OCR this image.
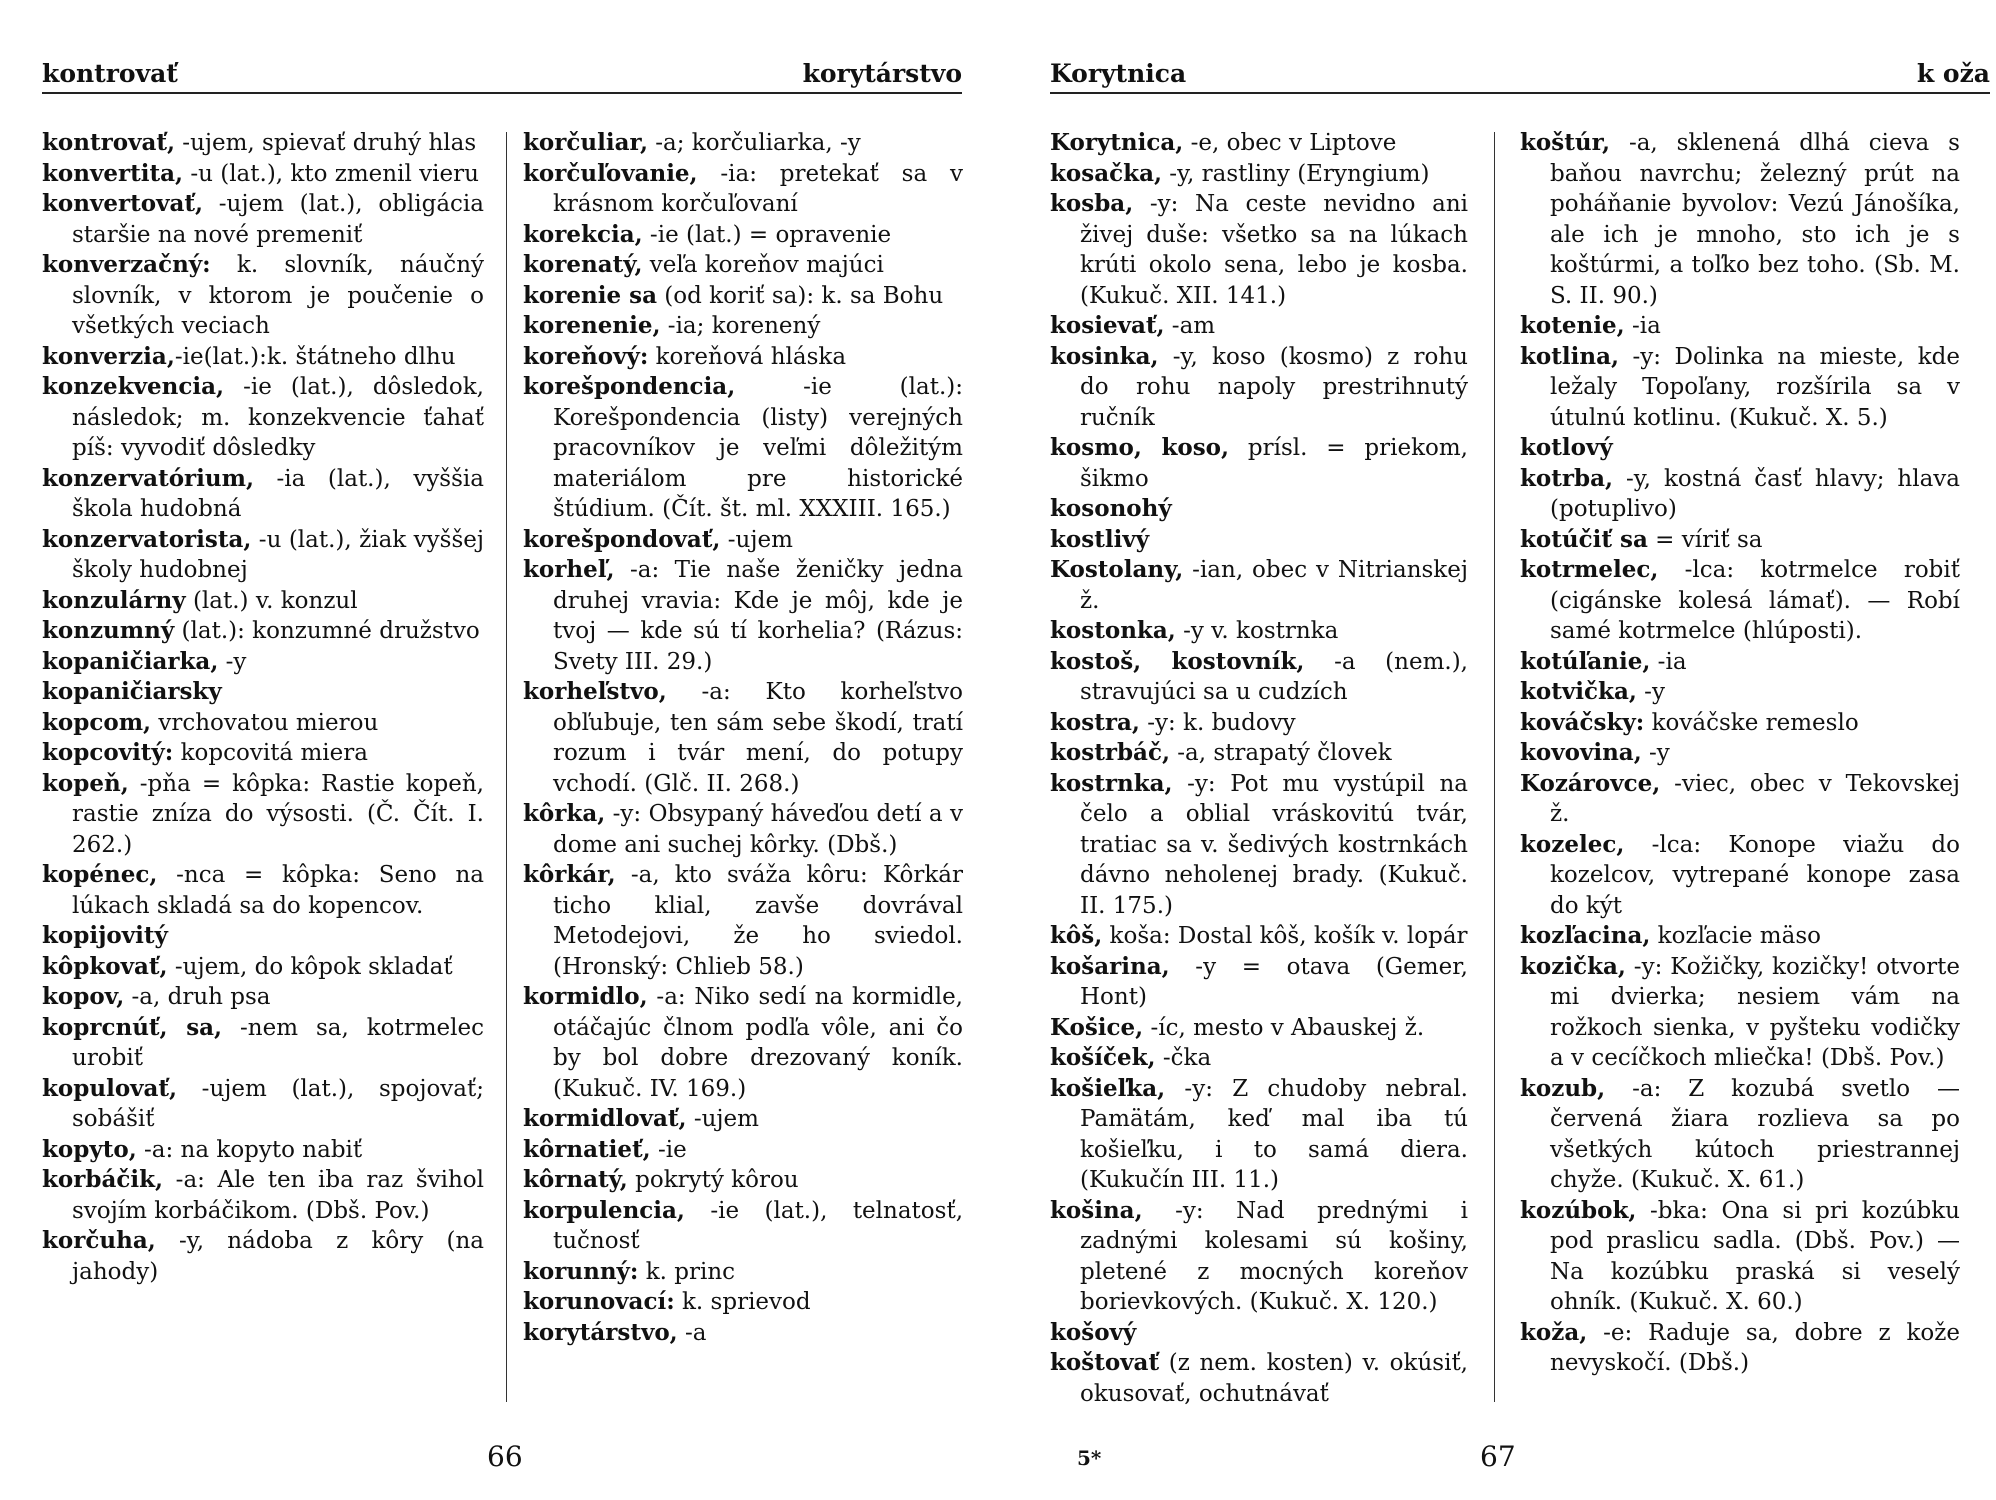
kontrovať	korytárstvo

kontrovať, -ujem, spievať druhý hlas

konvertita, -u (lat.), kto zmenil vieru

konvertovať, -ujem (lat.), obligácia staršie na nové premeniť

konverzačný: k. slovník, náučný slovník, v ktorom je poučenie o všetkých veciach

konverzia,-ie(lat.):k. štátneho dlhu

konzekvencia, -ie (lat.), dôsledok, následok; m. konzekvencie ťahať píš: vyvodiť dôsledky

konzervatórium, -ia (lat.), vyššia škola hudobná

konzervatorista, -u (lat.), žiak vyššej školy hudobnej

konzulárny (lat.) v. konzul

konzumný (lat.): konzumné družstvo

kopaničiarka, -y

kopaničiarsky

kopcom, vrchovatou mierou

kopcovitý: kopcovitá miera

kopeň, -pňa = kôpka: Rastie kopeň, rastie zníza do výsosti. (Č. Čít. I. 262.)

kopénec, -nca = kôpka: Seno na lúkach skladá sa do kopencov.

kopijovitý

kôpkovať, -ujem, do kôpok skladať

kopov, -a, druh psa

koprcnúť, sa, -nem sa, kotrmelec urobiť

kopulovať, -ujem (lat.), spojovať; sobášiť

kopyto, -a: na kopyto nabiť

korbáčik, -a: Ale ten iba raz švihol svojím korbáčikom. (Dbš. Pov.)

korčuha, -y, nádoba z kôry (na jahody)

korčuliar, -a; korčuliarka, -y

korčuľovanie, -ia: pretekať sa v krásnom korčuľovaní

korekcia, -ie (lat.) = opravenie

korenatý, veľa koreňov majúci

korenie sa (od koriť sa): k. sa Bohu

korenenie, -ia; korenený

koreňový: koreňová hláska

korešpondencia, -ie (lat.): Korešpondencia (listy) verejných pracovníkov je veľmi dôležitým materiálom pre historické štúdium. (Čít. št. ml. XXXIII. 165.)

korešpondovať, -ujem

korheľ, -a: Tie naše ženičky jedna druhej vravia: Kde je môj, kde je tvoj — kde sú tí korhelia? (Rázus: Svety III. 29.)

korheľstvo, -a: Kto korheľstvo obľubuje, ten sám sebe škodí, tratí rozum i tvár mení, do potupy vchodí. (Glč. II. 268.)

kôrka, -y: Obsypaný háveďou detí a v dome ani suchej kôrky. (Dbš.)

kôrkár, -a, kto sváža kôru: Kôrkár ticho klial, zavše dovrával Metodejovi, že ho sviedol. (Hronský: Chlieb 58.)

kormidlo, -a: Niko sedí na kormidle, otáčajúc člnom podľa vôle, ani čo by bol dobre drezovaný koník. (Kukuč. IV. 169.)

kormidlovať, -ujem

kôrnatieť, -ie

kôrnatý, pokrytý kôrou

korpulencia, -ie (lat.), telnatosť, tučnosť

korunný: k. princ

korunovací: k. sprievod

korytárstvo, -a

66
Korytnica	k oža

Korytnica, -e, obec v Liptove

kosačka, -y, rastliny (Eryngium)

kosba, -y: Na ceste nevidno ani živej duše: všetko sa na lúkach krúti okolo sena, lebo je kosba. (Kukuč. XII. 141.)

kosievať, -am

kosinka, -y, koso (kosmo) z rohu do rohu napoly prestrihnutý ručník

kosmo, koso, prísl. = priekom, šikmo

kosonohý

kostlivý

Kostolany, -ian, obec v Nitrianskej ž.

kostonka, -y v. kostrnka

kostoš, kostovník, -a (nem.), stravujúci sa u cudzích

kostra, -y: k. budovy

kostrbáč, -a, strapatý človek

kostrnka, -y: Pot mu vystúpil na čelo a oblial vráskovitú tvár, tratiac sa v. šedivých kostrnkách dávno neholenej brady. (Kukuč. II. 175.)

kôš, koša: Dostal kôš, košík v. lopár

košarina, -y = otava (Gemer, Hont)

Košice, -íc, mesto v Abauskej ž.

košíček, -čka

košieľka, -y: Z chudoby nebral. Pamätám, keď mal iba tú košieľku, i to samá diera. (Kukučín III. 11.)

košina, -y: Nad prednými i zadnými kolesami sú košiny, pletené z mocných koreňov borievkových. (Kukuč. X. 120.)

košový

koštovať (z nem. kosten) v. okúsiť, okusovať, ochutnávať

koštúr, -a, sklenená dlhá cieva s baňou navrchu; železný prút na poháňanie byvolov: Vezú Jánošíka, ale ich je mnoho, sto ich je s koštúrmi, a toľko bez toho. (Sb. M. S. II. 90.)

kotenie, -ia

kotlina, -y: Dolinka na mieste, kde ležaly Topoľany, rozšírila sa v útulnú kotlinu. (Kukuč. X. 5.)

kotlový

kotrba, -y, kostná časť hlavy; hlava (potuplivo)

kotúčiť sa = víriť sa

kotrmelec, -lca: kotrmelce robiť (cigánske kolesá lámať). — Robí samé kotrmelce (hlúposti).

kotúľanie, -ia

kotvička, -y

kováčsky: kováčske remeslo

kovovina, -y

Kozárovce, -viec, obec v Tekovskej ž.

kozelec, -lca: Konope viažu do kozelcov, vytrepané konope zasa do kýt

kozľacina, kozľacie mäso

kozička, -y: Kožičky, kozičky! otvorte mi dvierka; nesiem vám na rožkoch sienka, v pyšteku vodičky a v cecíčkoch mliečka! (Dbš. Pov.)

kozub, -a: Z kozubá svetlo — červená žiara rozlieva sa po všetkých kútoch priestrannej chyže. (Kukuč. X. 61.)

kozúbok, -bka: Ona si pri kozúbku pod praslicu sadla. (Dbš. Pov.) — Na kozúbku praská si veselý ohník. (Kukuč. X. 60.)

koža, -e: Raduje sa, dobre z kože nevyskočí. (Dbš.)

5*	67
